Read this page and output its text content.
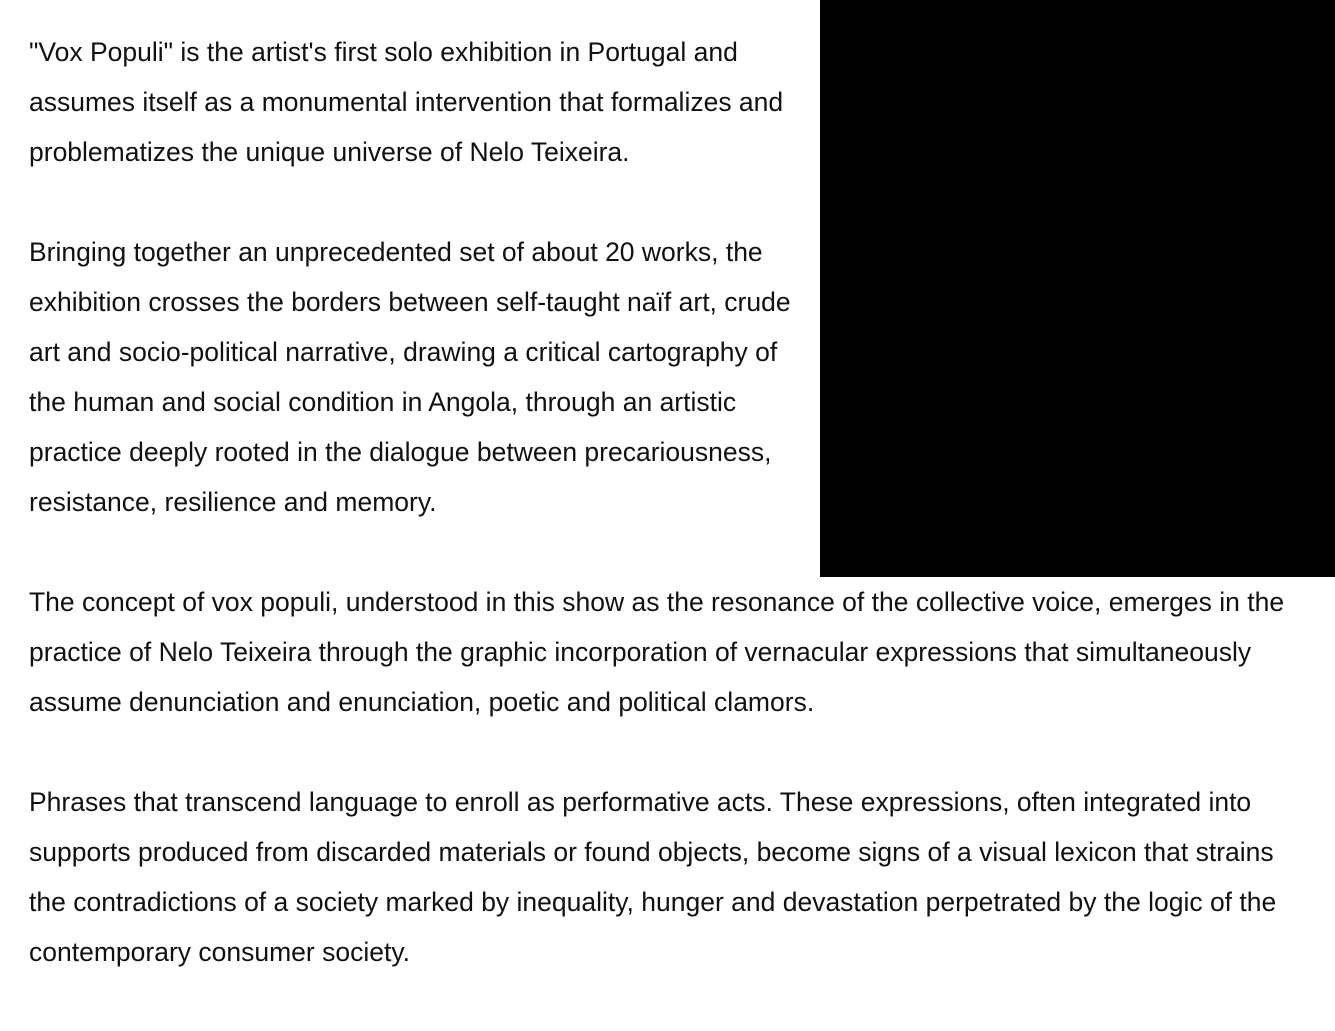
"Vox Populi" is the artist's first solo exhibition in Portugal and assumes itself as a monumental intervention that formalizes and problematizes the unique universe of Nelo Teixeira.

Bringing together an unprecedented set of about 20 works, the exhibition crosses the borders between self-taught naïf art, crude art and socio-political narrative, drawing a critical cartography of the human and social condition in Angola, through an artistic practice deeply rooted in the dialogue between precariousness, resistance, resilience and memory.

The concept of vox populi, understood in this show as the resonance of the collective voice, emerges in the practice of Nelo Teixeira through the graphic incorporation of vernacular expressions that simultaneously assume denunciation and enunciation, poetic and political clamors.

Phrases that transcend language to enroll as performative acts. These expressions, often integrated into supports produced from discarded materials or found objects, become signs of a visual lexicon that strains the contradictions of a society marked by inequality, hunger and devastation perpetrated by the logic of the contemporary consumer society.
